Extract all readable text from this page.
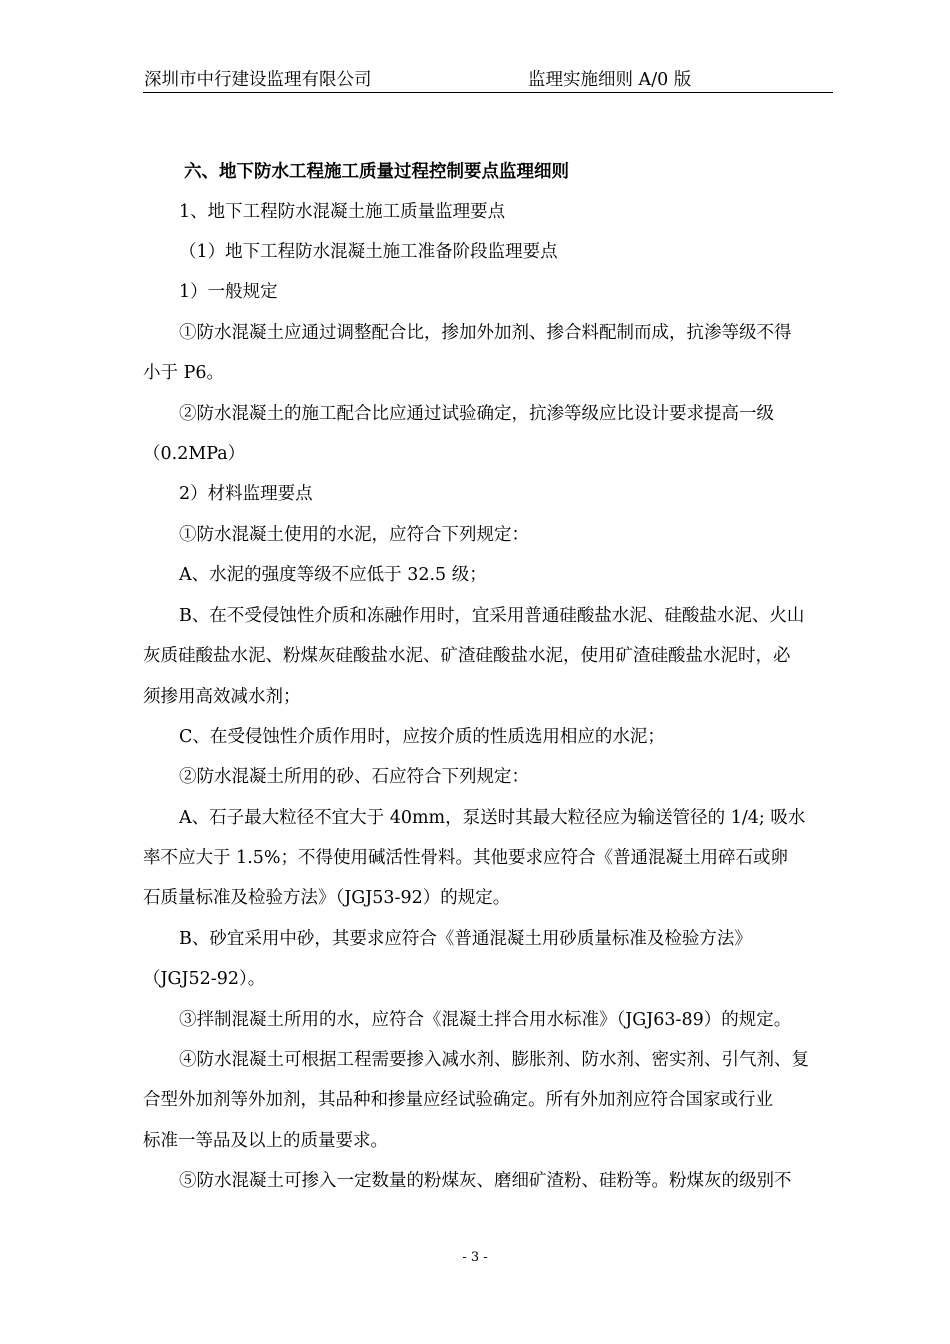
深圳市中行建设监理有限公司	监理实施细则 A/0 版
六、地下防水工程施工质量过程控制要点监理细则
1、地下工程防水混凝土施工质量监理要点
（1）地下工程防水混凝土施工准备阶段监理要点
1）一般规定
①防水混凝土应通过调整配合比，掺加外加剂、掺合料配制而成，抗渗等级不得
小于 P6。
②防水混凝土的施工配合比应通过试验确定，抗渗等级应比设计要求提高一级
（0.2MPa）
2）材料监理要点
①防水混凝土使用的水泥，应符合下列规定：
A、水泥的强度等级不应低于 32.5 级；
B、在不受侵蚀性介质和冻融作用时，宜采用普通硅酸盐水泥、硅酸盐水泥、火山
灰质硅酸盐水泥、粉煤灰硅酸盐水泥、矿渣硅酸盐水泥，使用矿渣硅酸盐水泥时，必
须掺用高效减水剂；
C、在受侵蚀性介质作用时，应按介质的性质选用相应的水泥；
②防水混凝土所用的砂、石应符合下列规定：
A、石子最大粒径不宜大于 40mm，泵送时其最大粒径应为输送管径的 1/4; 吸水
率不应大于 1.5%；不得使用碱活性骨料。其他要求应符合《普通混凝土用碎石或卵
石质量标准及检验方法》（JGJ53-92）的规定。
B、砂宜采用中砂，其要求应符合《普通混凝土用砂质量标准及检验方法》
（JGJ52-92）。
③拌制混凝土所用的水，应符合《混凝土拌合用水标准》（JGJ63-89）的规定。
④防水混凝土可根据工程需要掺入减水剂、膨胀剂、防水剂、密实剂、引气剂、复
合型外加剂等外加剂，其品种和掺量应经试验确定。所有外加剂应符合国家或行业
标准一等品及以上的质量要求。
⑤防水混凝土可掺入一定数量的粉煤灰、磨细矿渣粉、硅粉等。粉煤灰的级别不
- 3 -
